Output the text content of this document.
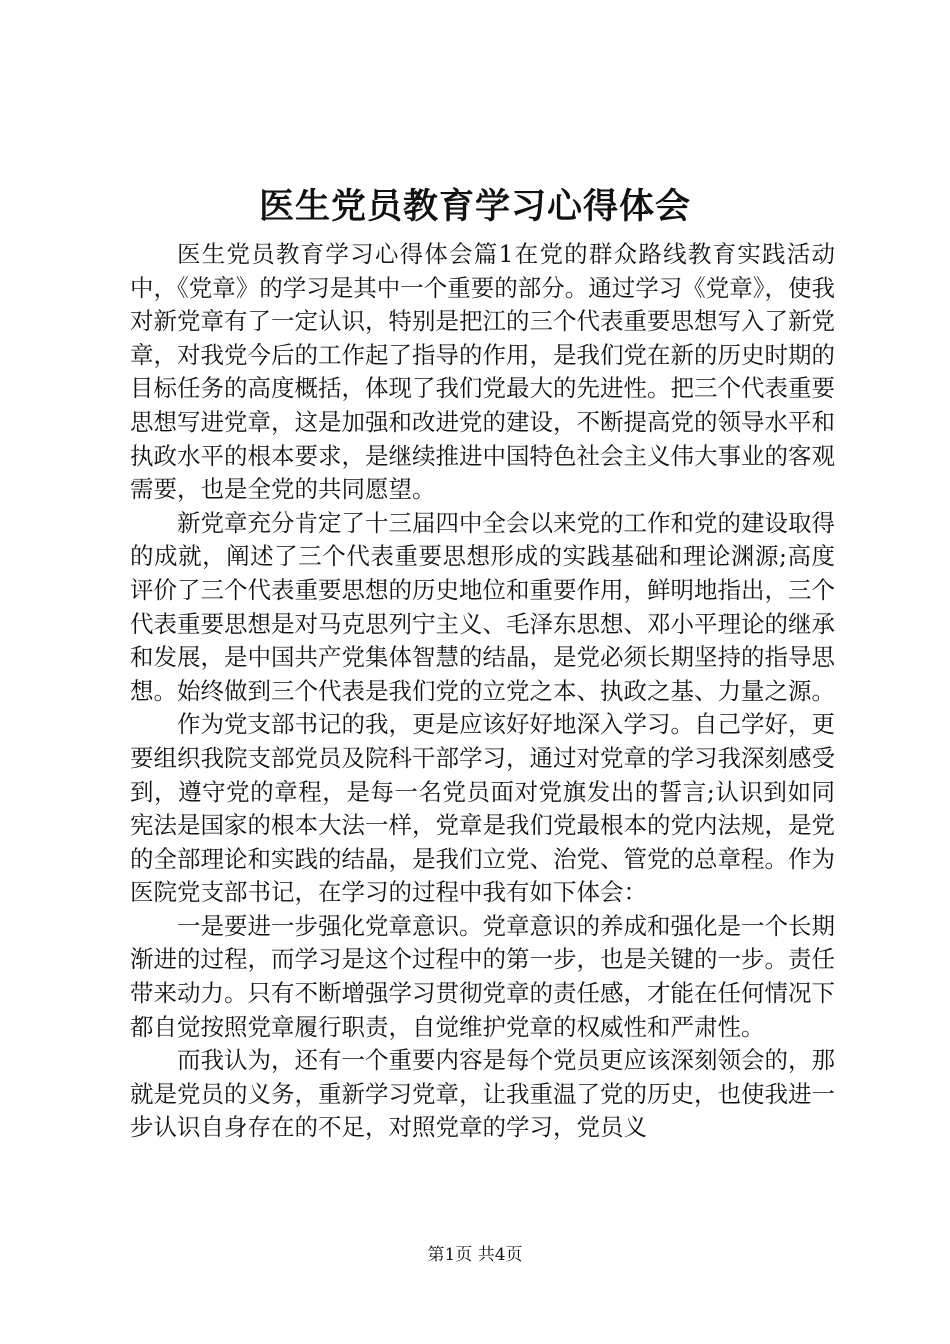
医生党员教育学习心得体会

医生党员教育学习心得体会篇1在党的群众路线教育实践活动中，《党章》的学习是其中一个重要的部分。通过学习《党章》，使我对新党章有了一定认识，特别是把江的三个代表重要思想写入了新党章，对我党今后的工作起了指导的作用，是我们党在新的历史时期的目标任务的高度概括，体现了我们党最大的先进性。把三个代表重要思想写进党章，这是加强和改进党的建设，不断提高党的领导水平和执政水平的根本要求，是继续推进中国特色社会主义伟大事业的客观需要，也是全党的共同愿望。

新党章充分肯定了十三届四中全会以来党的工作和党的建设取得的成就，阐述了三个代表重要思想形成的实践基础和理论渊源;高度评价了三个代表重要思想的历史地位和重要作用，鲜明地指出，三个代表重要思想是对马克思列宁主义、毛泽东思想、邓小平理论的继承和发展，是中国共产党集体智慧的结晶，是党必须长期坚持的指导思想。始终做到三个代表是我们党的立党之本、执政之基、力量之源。

作为党支部书记的我，更是应该好好地深入学习。自己学好，更要组织我院支部党员及院科干部学习，通过对党章的学习我深刻感受到，遵守党的章程，是每一名党员面对党旗发出的誓言;认识到如同宪法是国家的根本大法一样，党章是我们党最根本的党内法规，是党的全部理论和实践的结晶，是我们立党、治党、管党的总章程。作为医院党支部书记，在学习的过程中我有如下体会：

一是要进一步强化党章意识。党章意识的养成和强化是一个长期渐进的过程，而学习是这个过程中的第一步，也是关键的一步。责任带来动力。只有不断增强学习贯彻党章的责任感，才能在任何情况下都自觉按照党章履行职责，自觉维护党章的权威性和严肃性。

而我认为，还有一个重要内容是每个党员更应该深刻领会的，那就是党员的义务，重新学习党章，让我重温了党的历史，也使我进一步认识自身存在的不足，对照党章的学习，党员义

第1页 共4页
